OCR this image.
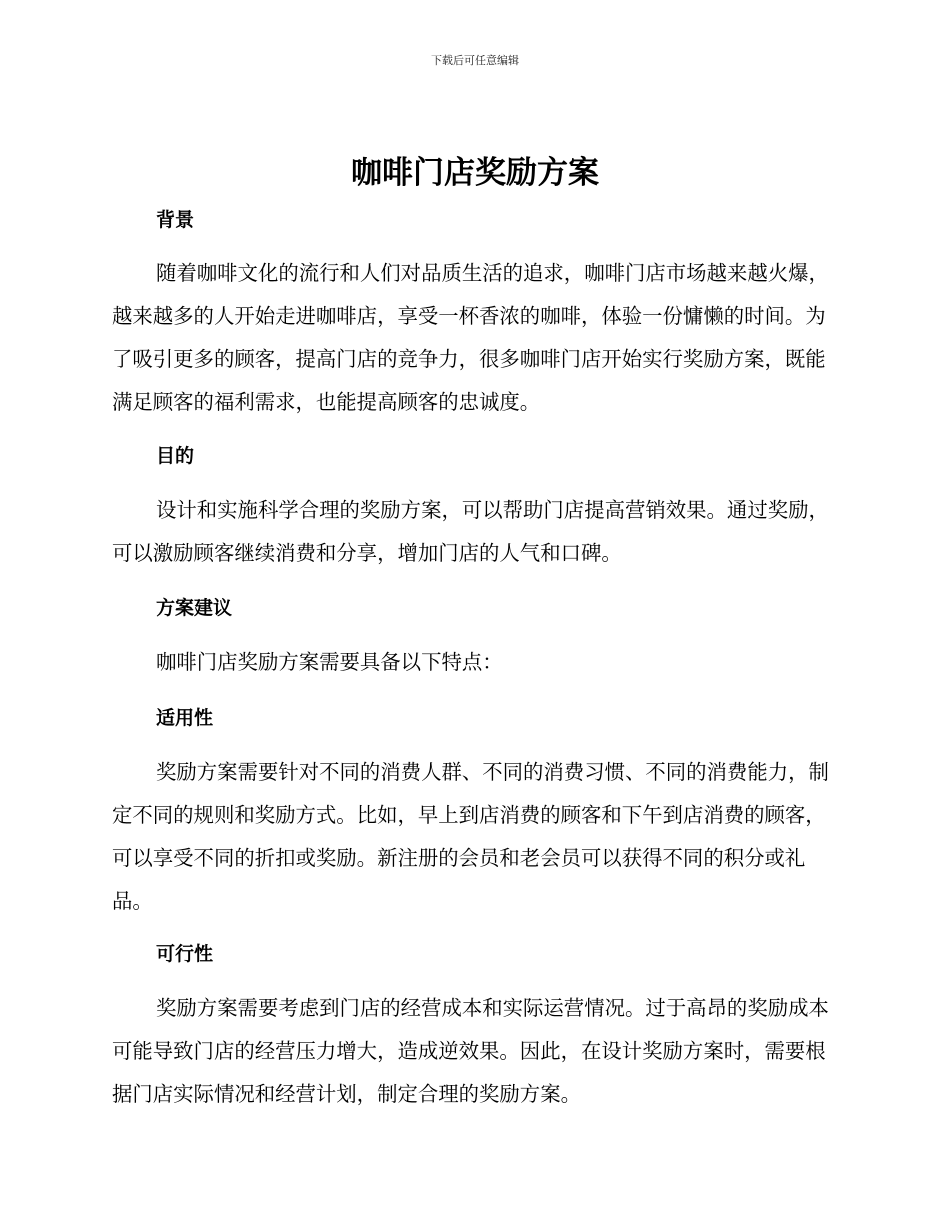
下载后可任意编辑
咖啡门店奖励方案
背景

随着咖啡文化的流行和人们对品质生活的追求，咖啡门店市场越来越火爆，越来越多的人开始走进咖啡店，享受一杯香浓的咖啡，体验一份慵懒的时间。为了吸引更多的顾客，提高门店的竞争力，很多咖啡门店开始实行奖励方案，既能满足顾客的福利需求，也能提高顾客的忠诚度。

目的

设计和实施科学合理的奖励方案，可以帮助门店提高营销效果。通过奖励，可以激励顾客继续消费和分享，增加门店的人气和口碑。

方案建议

咖啡门店奖励方案需要具备以下特点：

适用性

奖励方案需要针对不同的消费人群、不同的消费习惯、不同的消费能力，制定不同的规则和奖励方式。比如，早上到店消费的顾客和下午到店消费的顾客，可以享受不同的折扣或奖励。新注册的会员和老会员可以获得不同的积分或礼品。

可行性

奖励方案需要考虑到门店的经营成本和实际运营情况。过于高昂的奖励成本可能导致门店的经营压力增大，造成逆效果。因此，在设计奖励方案时，需要根据门店实际情况和经营计划，制定合理的奖励方案。
